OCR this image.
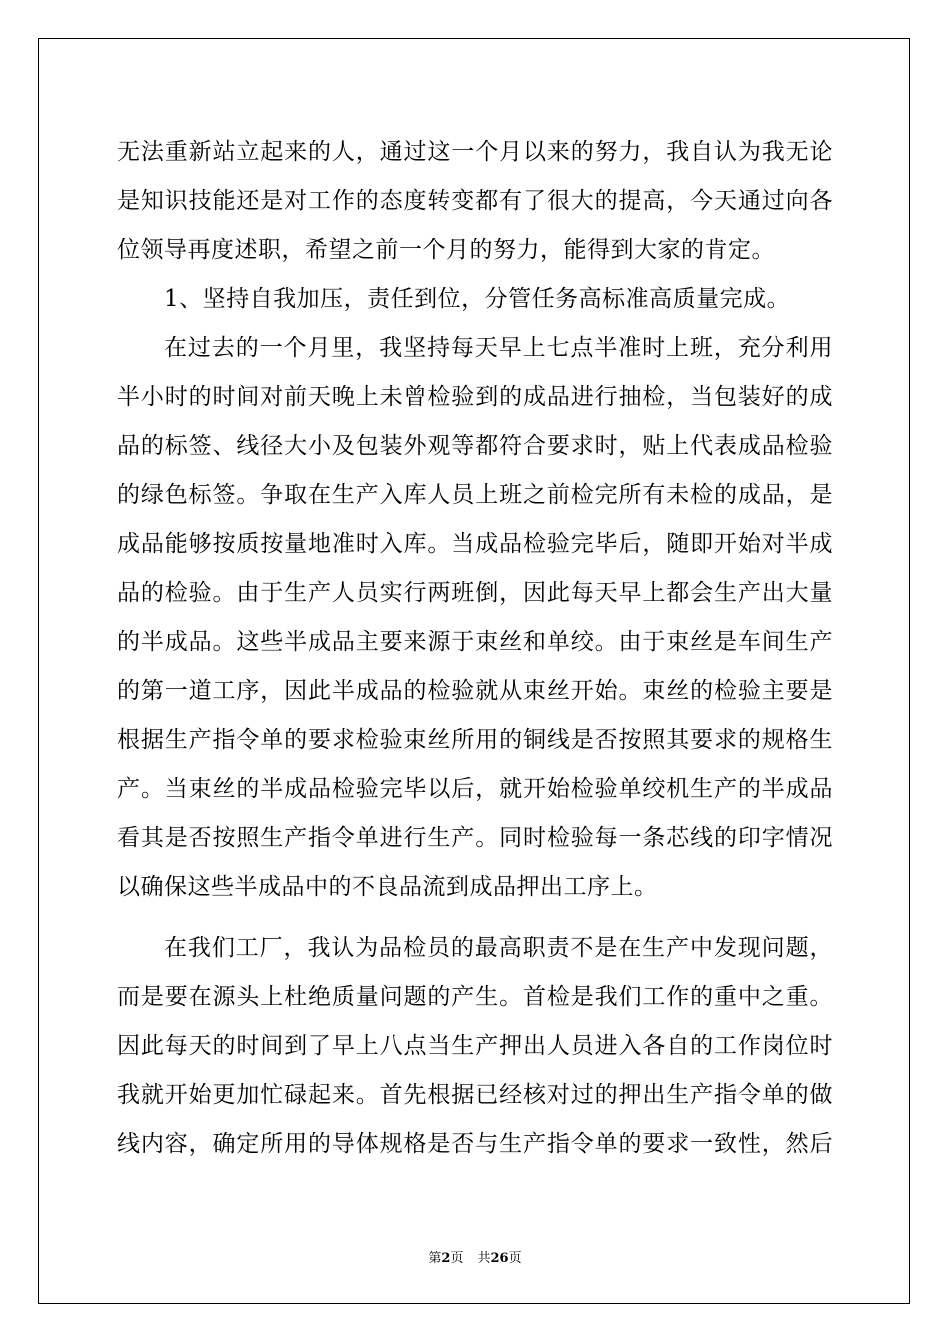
无法重新站立起来的人，通过这一个月以来的努力，我自认为我无论
是知识技能还是对工作的态度转变都有了很大的提高，今天通过向各
位领导再度述职，希望之前一个月的努力，能得到大家的肯定。
1、坚持自我加压，责任到位，分管任务高标准高质量完成。
在过去的一个月里，我坚持每天早上七点半准时上班，充分利用
半小时的时间对前天晚上未曾检验到的成品进行抽检，当包装好的成
品的标签、线径大小及包装外观等都符合要求时，贴上代表成品检验
的绿色标签。争取在生产入库人员上班之前检完所有未检的成品，是
成品能够按质按量地准时入库。当成品检验完毕后，随即开始对半成
品的检验。由于生产人员实行两班倒，因此每天早上都会生产出大量
的半成品。这些半成品主要来源于束丝和单绞。由于束丝是车间生产
的第一道工序，因此半成品的检验就从束丝开始。束丝的检验主要是
根据生产指令单的要求检验束丝所用的铜线是否按照其要求的规格生
产。当束丝的半成品检验完毕以后，就开始检验单绞机生产的半成品
看其是否按照生产指令单进行生产。同时检验每一条芯线的印字情况
以确保这些半成品中的不良品流到成品押出工序上。
在我们工厂，我认为品检员的最高职责不是在生产中发现问题，
而是要在源头上杜绝质量问题的产生。首检是我们工作的重中之重。
因此每天的时间到了早上八点当生产押出人员进入各自的工作岗位时
我就开始更加忙碌起来。首先根据已经核对过的押出生产指令单的做
线内容，确定所用的导体规格是否与生产指令单的要求一致性，然后
第2页 共26页
